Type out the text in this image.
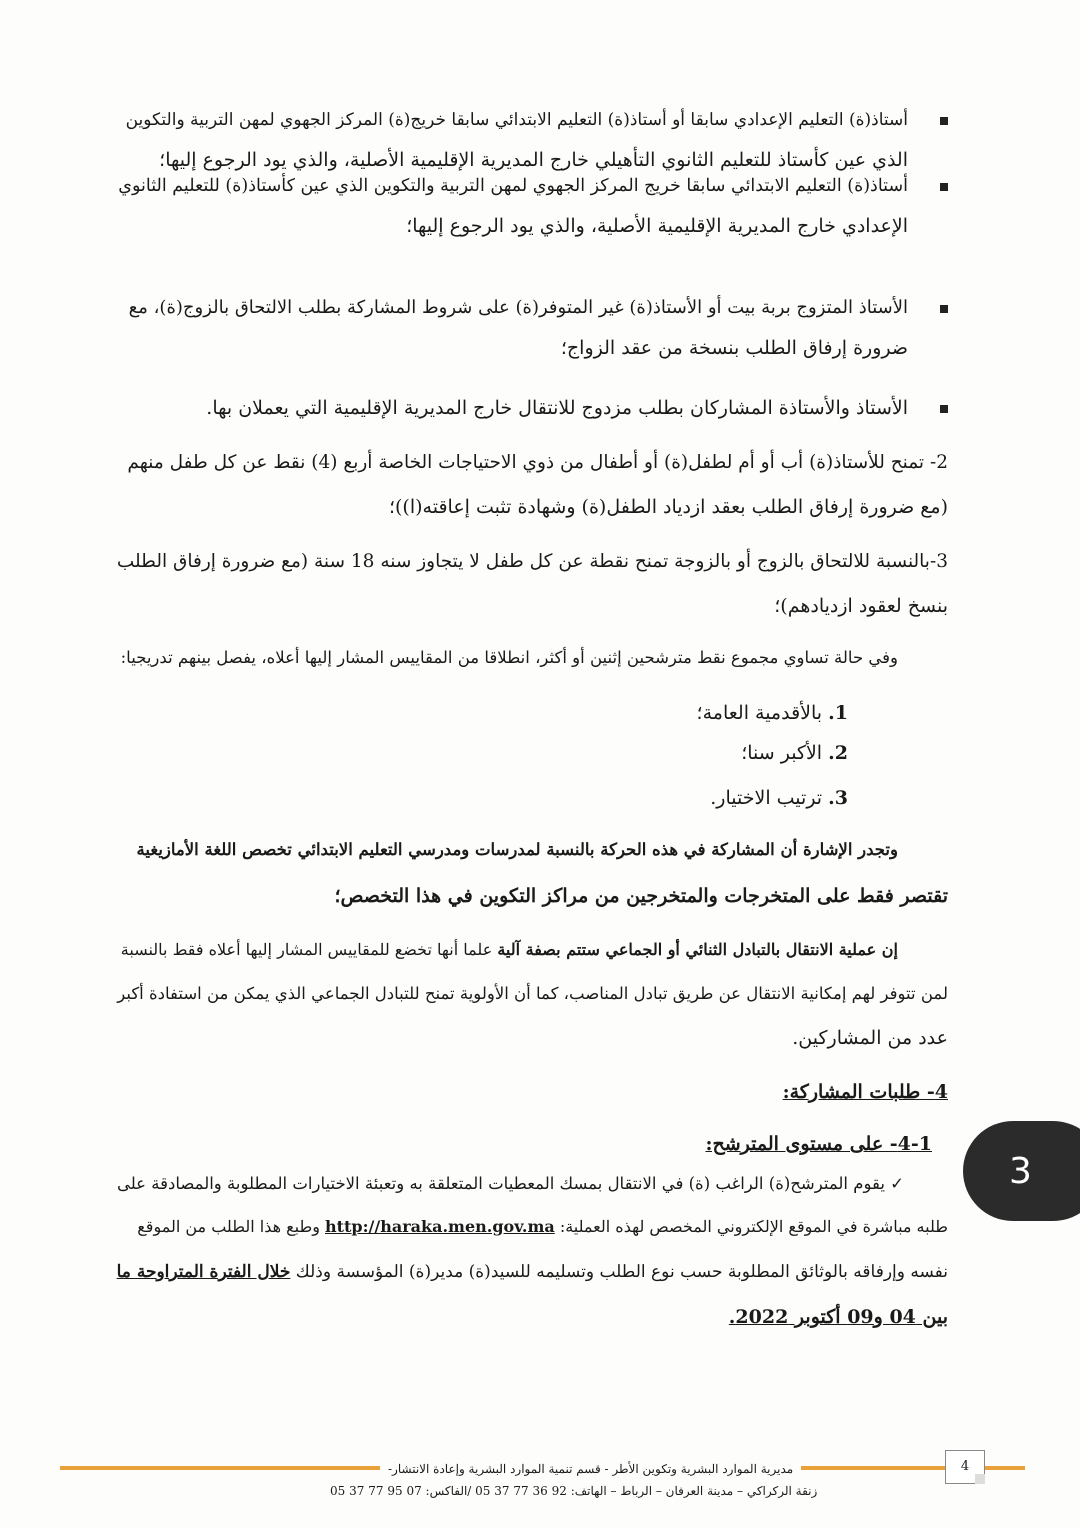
أستاذ(ة) التعليم الإعدادي سابقا أو أستاذ(ة) التعليم الابتدائي سابقا خريج(ة) المركز الجهوي لمهن التربية والتكوين
الذي عين كأستاذ للتعليم الثانوي التأهيلي خارج المديرية الإقليمية الأصلية، والذي يود الرجوع إليها؛
أستاذ(ة) التعليم الابتدائي سابقا خريج المركز الجهوي لمهن التربية والتكوين الذي عين كأستاذ(ة) للتعليم الثانوي
الإعدادي خارج المديرية الإقليمية الأصلية، والذي يود الرجوع إليها؛
الأستاذ المتزوج بربة بيت أو الأستاذ(ة) غير المتوفر(ة) على شروط المشاركة بطلب الالتحاق بالزوج(ة)، مع
ضرورة إرفاق الطلب بنسخة من عقد الزواج؛
الأستاذ والأستاذة المشاركان بطلب مزدوج للانتقال خارج المديرية الإقليمية التي يعملان بها.
2- تمنح للأستاذ(ة) أب أو أم لطفل(ة) أو أطفال من ذوي الاحتياجات الخاصة أربع (4) نقط عن كل طفل منهم
(مع ضرورة إرفاق الطلب بعقد ازدياد الطفل(ة) وشهادة تثبت إعاقته(ا))؛
3-بالنسبة للالتحاق بالزوج أو بالزوجة تمنح نقطة عن كل طفل لا يتجاوز سنه 18 سنة (مع ضرورة إرفاق الطلب
بنسخ لعقود ازديادهم)؛
وفي حالة تساوي مجموع نقط مترشحين إثنين أو أكثر، انطلاقا من المقاييس المشار إليها أعلاه، يفصل بينهم تدريجيا:
1. بالأقدمية العامة؛
2. الأكبر سنا؛
3. ترتيب الاختيار.
وتجدر الإشارة أن المشاركة في هذه الحركة بالنسبة لمدرسات ومدرسي التعليم الابتدائي تخصص اللغة الأمازيغية
تقتصر فقط على المتخرجات والمتخرجين من مراكز التكوين في هذا التخصص؛
إن عملية الانتقال بالتبادل الثنائي أو الجماعي ستتم بصفة آلية علما أنها تخضع للمقاييس المشار إليها أعلاه فقط بالنسبة
لمن تتوفر لهم إمكانية الانتقال عن طريق تبادل المناصب، كما أن الأولوية تمنح للتبادل الجماعي الذي يمكن من استفادة أكبر
عدد من المشاركين.
4- طلبات المشاركة:
4-1- على مستوى المترشح:
✓ يقوم المترشح(ة) الراغب (ة) في الانتقال بمسك المعطيات المتعلقة به وتعبئة الاختيارات المطلوبة والمصادقة على
طلبه مباشرة في الموقع الإلكتروني المخصص لهذه العملية: http://haraka.men.gov.ma وطبع هذا الطلب من الموقع
نفسه وإرفاقه بالوثائق المطلوبة حسب نوع الطلب وتسليمه للسيد(ة) مدير(ة) المؤسسة وذلك خلال الفترة المتراوحة ما
بين 04 و09 أكتوبر 2022.
مديرية الموارد البشرية وتكوين الأطر - قسم تنمية الموارد البشرية وإعادة الانتشار-
زنقة الركراكي – مدينة العرفان – الرباط – الهاتف: 92 36 77 37 05 /الفاكس: 07 95 77 37 05
4
3
